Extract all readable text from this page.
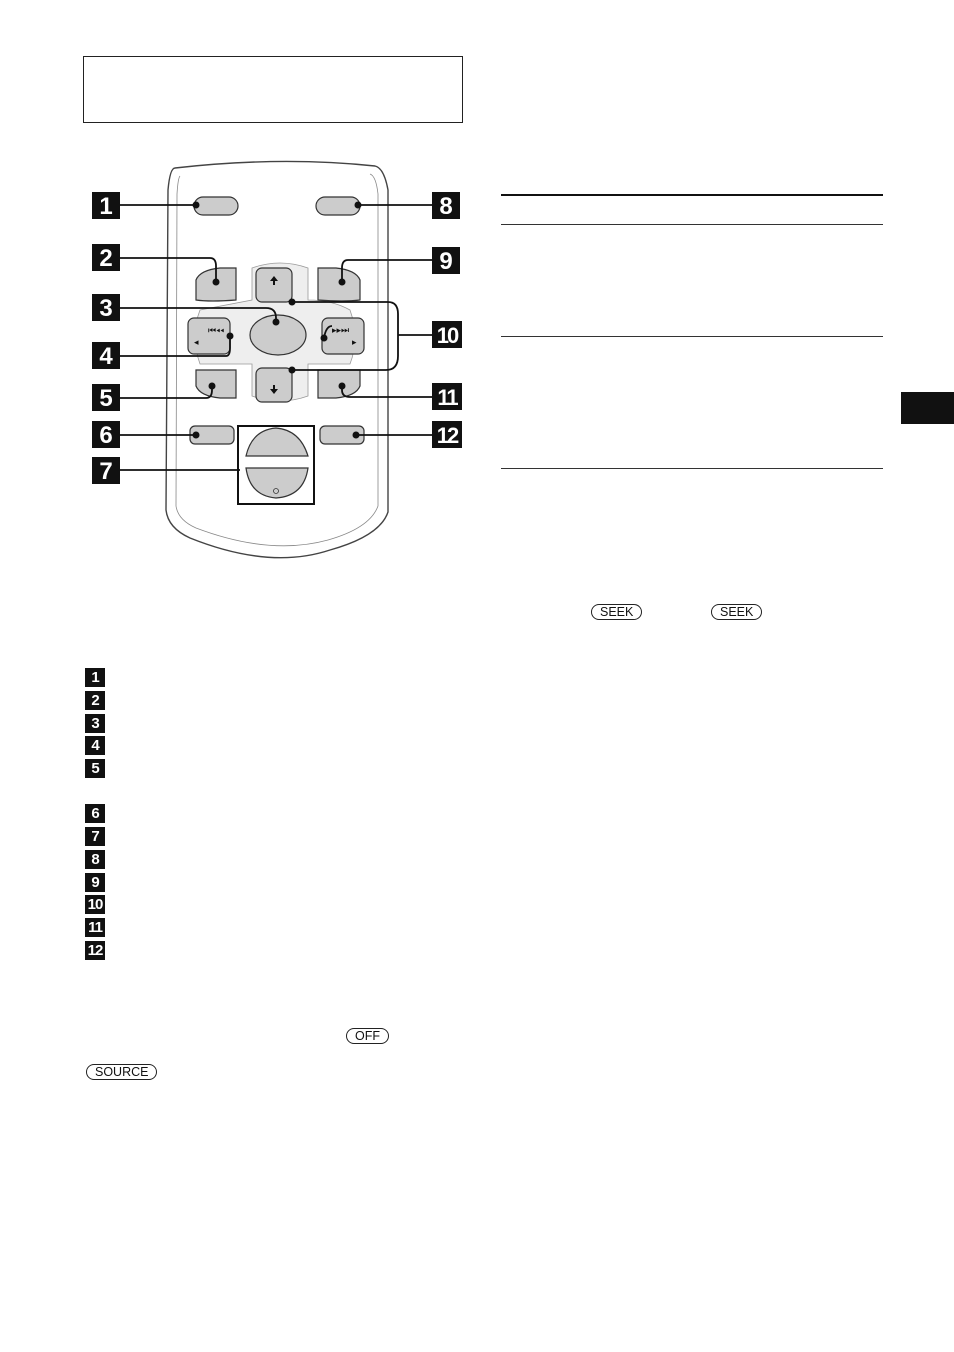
⏮◂◂
◂
▸▸⏭
▸
1
2
3
4
5
6
7
8
9
10
11
12
SEEK	SEEK
1
2
3
4
5
6
7
8
9
10
11
12
OFF
SOURCE
